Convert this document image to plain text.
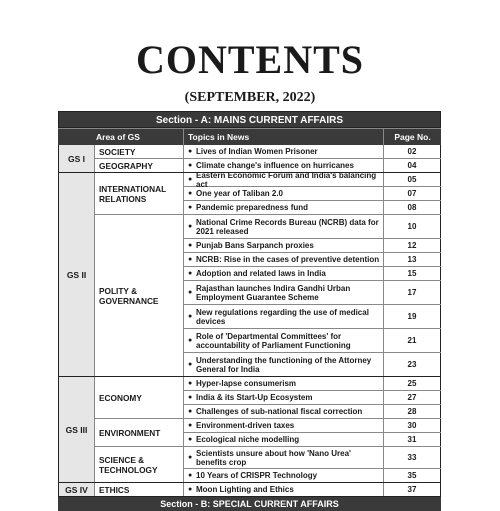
CONTENTS
(SEPTEMBER, 2022)
Section - A: MAINS CURRENT AFFAIRS
Area of GS	Topics in News	Page No.
GS I
SOCIETY	● Lives of Indian Women Prisoner	02
GEOGRAPHY	● Climate change's influence on hurricanes	04
GS II
INTERNATIONAL RELATIONS
● Eastern Economic Forum and India's balancing act	05
● One year of Taliban 2.0	07
● Pandemic preparedness fund	08
POLITY & GOVERNANCE
● National Crime Records Bureau (NCRB) data for 2021 released	10
● Punjab Bans Sarpanch proxies	12
● NCRB: Rise in the cases of preventive detention	13
● Adoption and related laws in India	15
● Rajasthan launches Indira Gandhi Urban Employment Guarantee Scheme	17
● New regulations regarding the use of medical devices	19
● Role of 'Departmental Committees' for accountability of Parliament Functioning	21
● Understanding the functioning of the Attorney General for India	23
GS III
ECONOMY
● Hyper-lapse consumerism	25
● India & its Start-Up Ecosystem	27
● Challenges of sub-national fiscal correction	28
ENVIRONMENT
● Environment-driven taxes	30
● Ecological niche modelling	31
SCIENCE & TECHNOLOGY
● Scientists unsure about how 'Nano Urea' benefits crop	33
● 10 Years of CRISPR Technology	35
GS IV	ETHICS	● Moon Lighting and Ethics	37
Section - B: SPECIAL CURRENT AFFAIRS
